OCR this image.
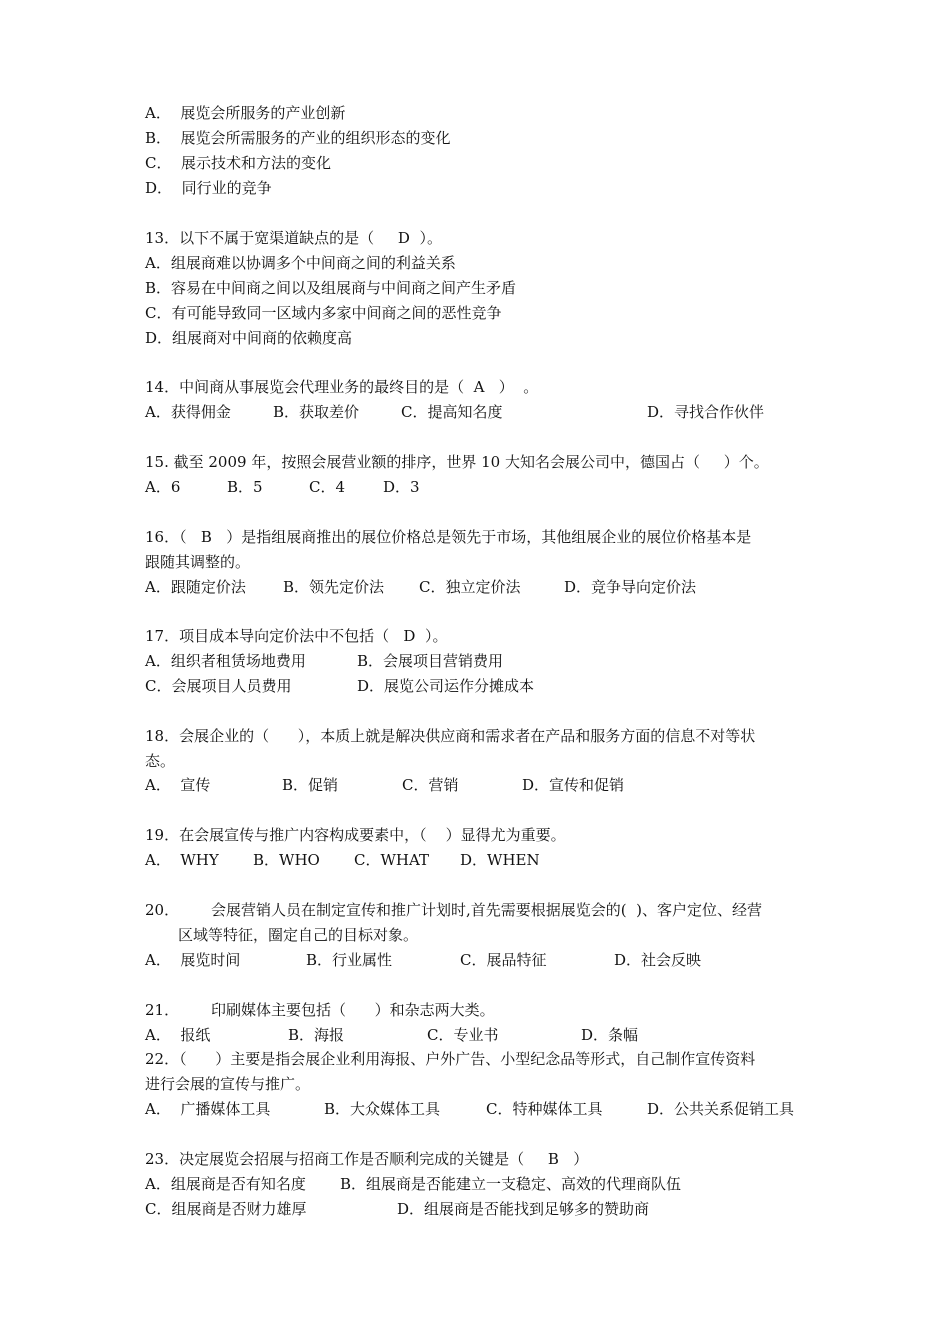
A．  展览会所服务的产业创新
B．  展览会所需服务的产业的组织形态的变化
C．  展示技术和方法的变化
D．  同行业的竞争
13．以下不属于宽渠道缺点的是（     D  ）。
A．组展商难以协调多个中间商之间的利益关系
B．容易在中间商之间以及组展商与中间商之间产生矛盾
C．有可能导致同一区域内多家中间商之间的恶性竞争
D．组展商对中间商的依赖度高
14．中间商从事展览会代理业务的最终目的是（  A   ）  。

A．获得佣金

	B．获取差价

	C．提高知名度

	D．寻找合作伙伴

15. 截至 2009 年，按照会展营业额的排序，世界 10 大知名会展公司中，德国占（     ）个。

A．6

	B．5

	C．4

	D．3

16．（   B   ）是指组展商推出的展位价格总是领先于市场，其他组展企业的展位价格基本是
跟随其调整的。

A．跟随定价法

B．领先定价法

C．独立定价法

	D．竞争导向定价法

17．项目成本导向定价法中不包括（   D  ）。

A．组织者租赁场地费用

	B．会展项目营销费用

C．会展项目人员费用

	D．展览公司运作分摊成本

18．会展企业的（      ），本质上就是解决供应商和需求者在产品和服务方面的信息不对等状
态。

A．  宣传

	B．促销

	C．营销

	D．宣传和促销

19．在会展宣传与推广内容构成要素中，（    ）显得尤为重要。

A．  WHY

B．WHO

C．WHAT

D．WHEN

20．

会展营销人员在制定宣传和推广计划时,首先需要根据展览会的(  )、客户定位、经营

区域等特征，圈定自己的目标对象。

A．  展览时间

	B．行业属性

	C．展品特征

	D．社会反映

21．

印刷媒体主要包括（      ）和杂志两大类。

A．  报纸

	B．海报

	C．专业书

	D．条幅

22．（      ）主要是指会展企业利用海报、户外广告、小型纪念品等形式，自己制作宣传资料
进行会展的宣传与推广。

A．  广播媒体工具

	B．大众媒体工具

	C．特种媒体工具

	D．公共关系促销工具

23．决定展览会招展与招商工作是否顺利完成的关键是（     B   ）

A．组展商是否有知名度

B．组展商是否能建立一支稳定、高效的代理商队伍

C．组展商是否财力雄厚

	D．组展商是否能找到足够多的赞助商
